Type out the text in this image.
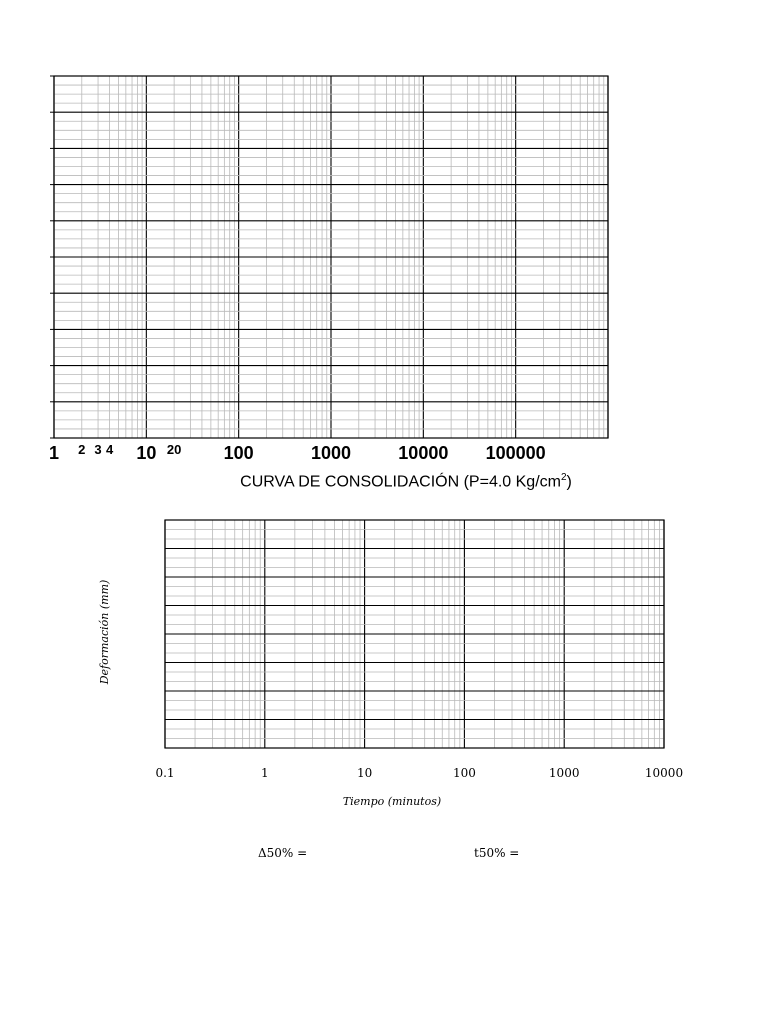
1 2 3 4 10 20 100	1000	10000 100000
0.1	1	10	100	1000	10000
Tiempo (minutos)
Deformación (mm)
CURVA DE CONSOLIDACIÓN (P=4.0 $Kg/cm^2$)
Δ50% =	t50% =
